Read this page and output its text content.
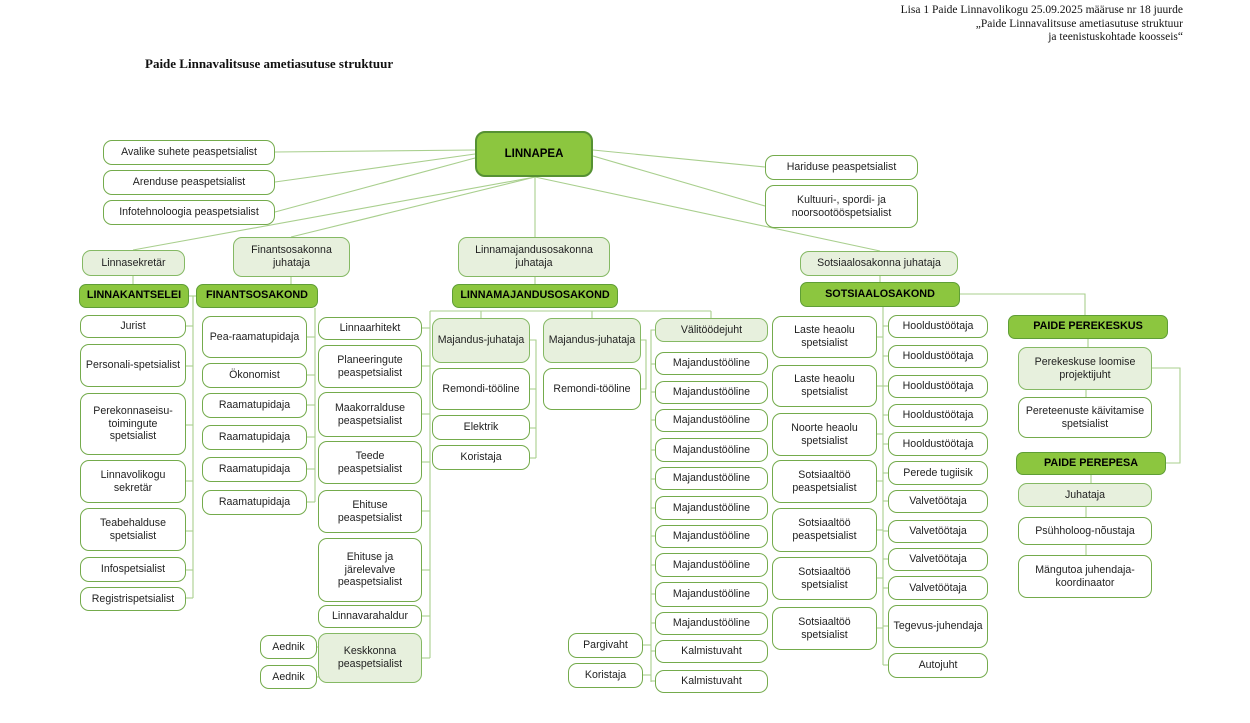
Lisa 1 Paide Linnavolikogu 25.09.2025 määruse nr 18 juurde
„Paide Linnavalitsuse ametiasutuse struktuur
ja teenistuskohtade koosseis“
Paide Linnavalitsuse ametiasutuse struktuur
LINNAPEA
Avalike suhete peaspetsialist
Arenduse peaspetsialist
Infotehnoloogia peaspetsialist
Hariduse peaspetsialist
Kultuuri-, spordi- ja noorsootööspetsialist
Linnasekretär
Finantsosakonna juhataja
Linnamajandusosakonna juhataja	Sotsiaalosakonna juhataja
LINNAKANTSELEI	FINANTSOSAKOND	LINNAMAJANDUSOSAKOND	SOTSIAALOSAKOND
PAIDE PEREKESKUS
PAIDE PEREPESA
Jurist
Personali-spetsialist
Perekonnaseisu-toimingute spetsialist
Linnavolikogu sekretär
Teabehalduse spetsialist
Infospetsialist
Registrispetsialist
Pea-raamatupidaja
Ökonomist
Raamatupidaja
Raamatupidaja
Raamatupidaja
Raamatupidaja
Linnaarhitekt
Planeeringute peaspetsialist
Maakorralduse peaspetsialist
Teede peaspetsialist
Ehituse peaspetsialist
Ehituse ja järelevalve peaspetsialist
Linnavarahaldur
Keskkonna peaspetsialist
Aednik
Aednik
Majandus-juhataja
Remondi-tööline
Elektrik
Koristaja
Majandus-juhataja
Remondi-tööline
Välitöödejuht
Majandustööline
Majandustööline
Majandustööline
Majandustööline
Majandustööline
Majandustööline
Majandustööline
Majandustööline
Majandustööline
Majandustööline
Kalmistuvaht
Kalmistuvaht
Pargivaht
Koristaja
Laste heaolu spetsialist
Laste heaolu spetsialist
Noorte heaolu spetsialist
Sotsiaaltöö peaspetsialist
Sotsiaaltöö peaspetsialist
Sotsiaaltöö spetsialist
Sotsiaaltöö spetsialist
Hooldustöötaja
Hooldustöötaja
Hooldustöötaja
Hooldustöötaja
Hooldustöötaja
Perede tugiisik
Valvetöötaja
Valvetöötaja
Valvetöötaja
Valvetöötaja
Tegevus-juhendaja
Autojuht
Perekeskuse loomise projektijuht
Pereteenuste käivitamise spetsialist
Juhataja
Psühholoog-nõustaja
Mängutoa juhendaja-koordinaator
